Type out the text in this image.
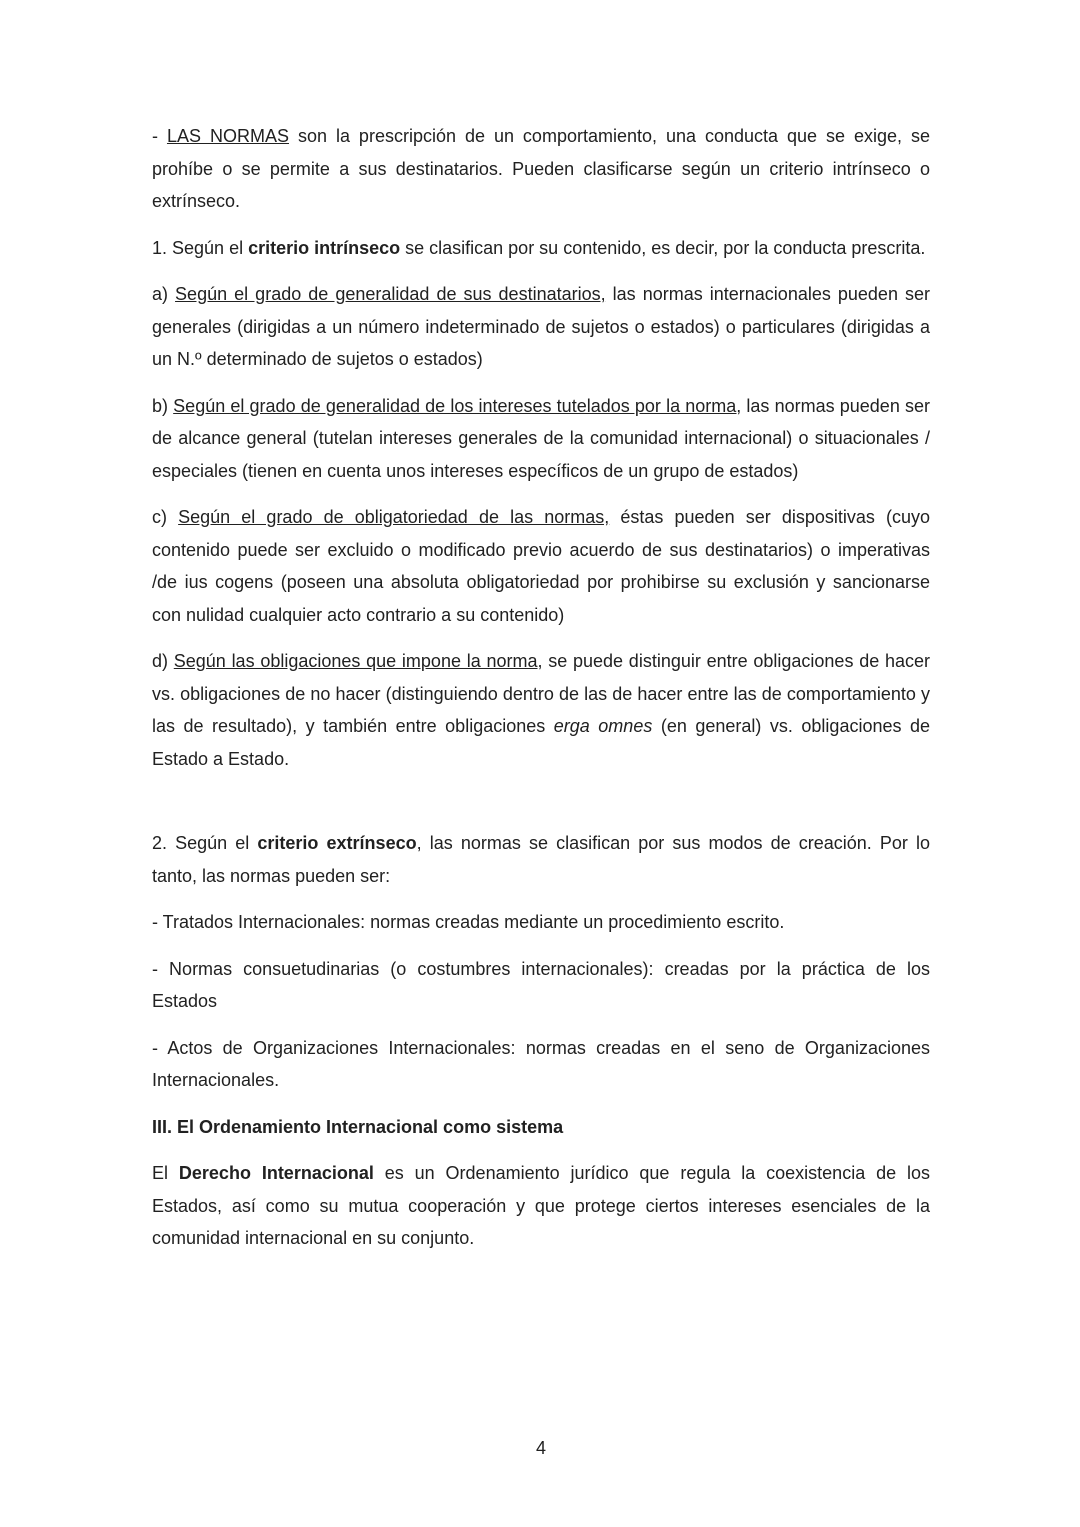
- LAS NORMAS son la prescripción de un comportamiento, una conducta que se exige, se prohíbe o se permite a sus destinatarios. Pueden clasificarse según un criterio intrínseco o extrínseco.

1. Según el criterio intrínseco se clasifican por su contenido, es decir, por la conducta prescrita.

a) Según el grado de generalidad de sus destinatarios, las normas internacionales pueden ser generales (dirigidas a un número indeterminado de sujetos o estados) o particulares (dirigidas a un N.º determinado de sujetos o estados)

b) Según el grado de generalidad de los intereses tutelados por la norma, las normas pueden ser de alcance general (tutelan intereses generales de la comunidad internacional) o situacionales / especiales (tienen en cuenta unos intereses específicos de un grupo de estados)

c) Según el grado de obligatoriedad de las normas, éstas pueden ser dispositivas (cuyo contenido puede ser excluido o modificado previo acuerdo de sus destinatarios) o imperativas /de ius cogens (poseen una absoluta obligatoriedad por prohibirse su exclusión y sancionarse con nulidad cualquier acto contrario a su contenido)

d) Según las obligaciones que impone la norma, se puede distinguir entre obligaciones de hacer vs. obligaciones de no hacer (distinguiendo dentro de las de hacer entre las de comportamiento y las de resultado), y también entre obligaciones erga omnes (en general) vs. obligaciones de Estado a Estado.

2. Según el criterio extrínseco, las normas se clasifican por sus modos de creación. Por lo tanto, las normas pueden ser:

- Tratados Internacionales: normas creadas mediante un procedimiento escrito.

- Normas consuetudinarias (o costumbres internacionales): creadas por la práctica de los Estados

- Actos de Organizaciones Internacionales: normas creadas en el seno de Organizaciones Internacionales.

III. El Ordenamiento Internacional como sistema

El Derecho Internacional es un Ordenamiento jurídico que regula la coexistencia de los Estados, así como su mutua cooperación y que protege ciertos intereses esenciales de la comunidad internacional en su conjunto.

4
